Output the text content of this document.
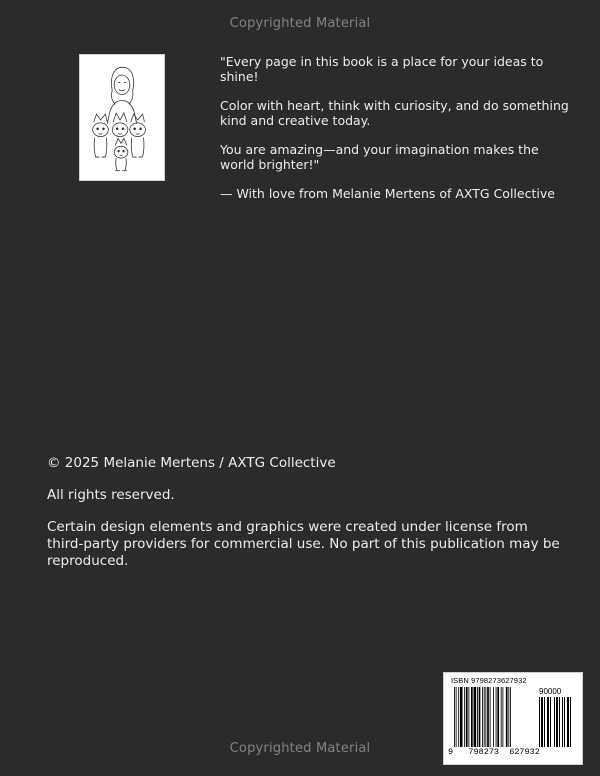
Copyrighted Material

"Every page in this book is a place for your ideas to shine!

Color with heart, think with curiosity, and do something kind and creative today.

You are amazing—and your imagination makes the world brighter!"

— With love from Melanie Mertens of AXTG Collective

© 2025 Melanie Mertens / AXTG Collective

All rights reserved.

Certain design elements and graphics were created under license from third-party providers for commercial use. No part of this publication may be reproduced.

ISBN 9798273627932
90000
9 798273 627932
Copyrighted Material
